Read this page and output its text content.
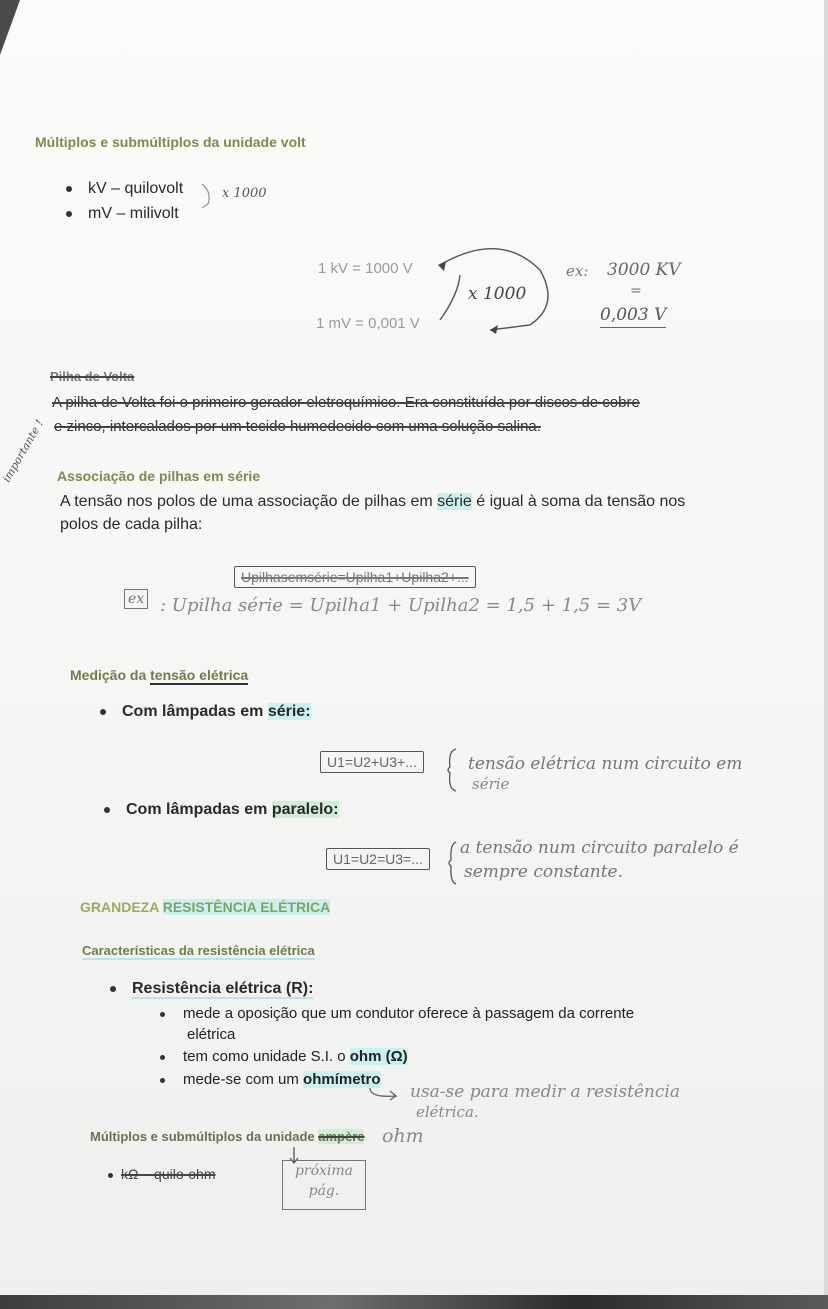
Múltiplos e submúltiplos da unidade volt
kV – quilovolt
mV – milivolt
x 1000
1 kV = 1000 V
1 mV = 0,001 V
x 1000
ex: 3000 KV
=
0,003 V
Pilha de Volta
A pilha de Volta foi o primeiro gerador eletroquímico. Era constituída por discos de cobre
e zinco, intercalados por um tecido humedecido com uma solução salina.
importante ! Associação de pilhas em série
A tensão nos polos de uma associação de pilhas em série é igual à soma da tensão nos
polos de cada pilha:
Upilhasemsérie=Upilha1+Upilha2+...
ex : Upilha série = Upilha1 + Upilha2 = 1,5 + 1,5 = 3V
Medição da tensão elétrica
Com lâmpadas em série:
U1=U2+U3+...	tensão elétrica num circuito em
série
Com lâmpadas em paralelo:
U1=U2=U3=...
a tensão num circuito paralelo é
sempre constante.
GRANDEZA RESISTÊNCIA ELÉTRICA
Características da resistência elétrica
Resistência elétrica (R):
mede a oposição que um condutor oferece à passagem da corrente
elétrica
tem como unidade S.I. o ohm (Ω)
mede-se com um ohmímetro
usa-se para medir a resistência
elétrica.
Múltiplos e submúltiplos da unidade ampère ohm
kΩ – quilo-ohm	próxima
pág.
